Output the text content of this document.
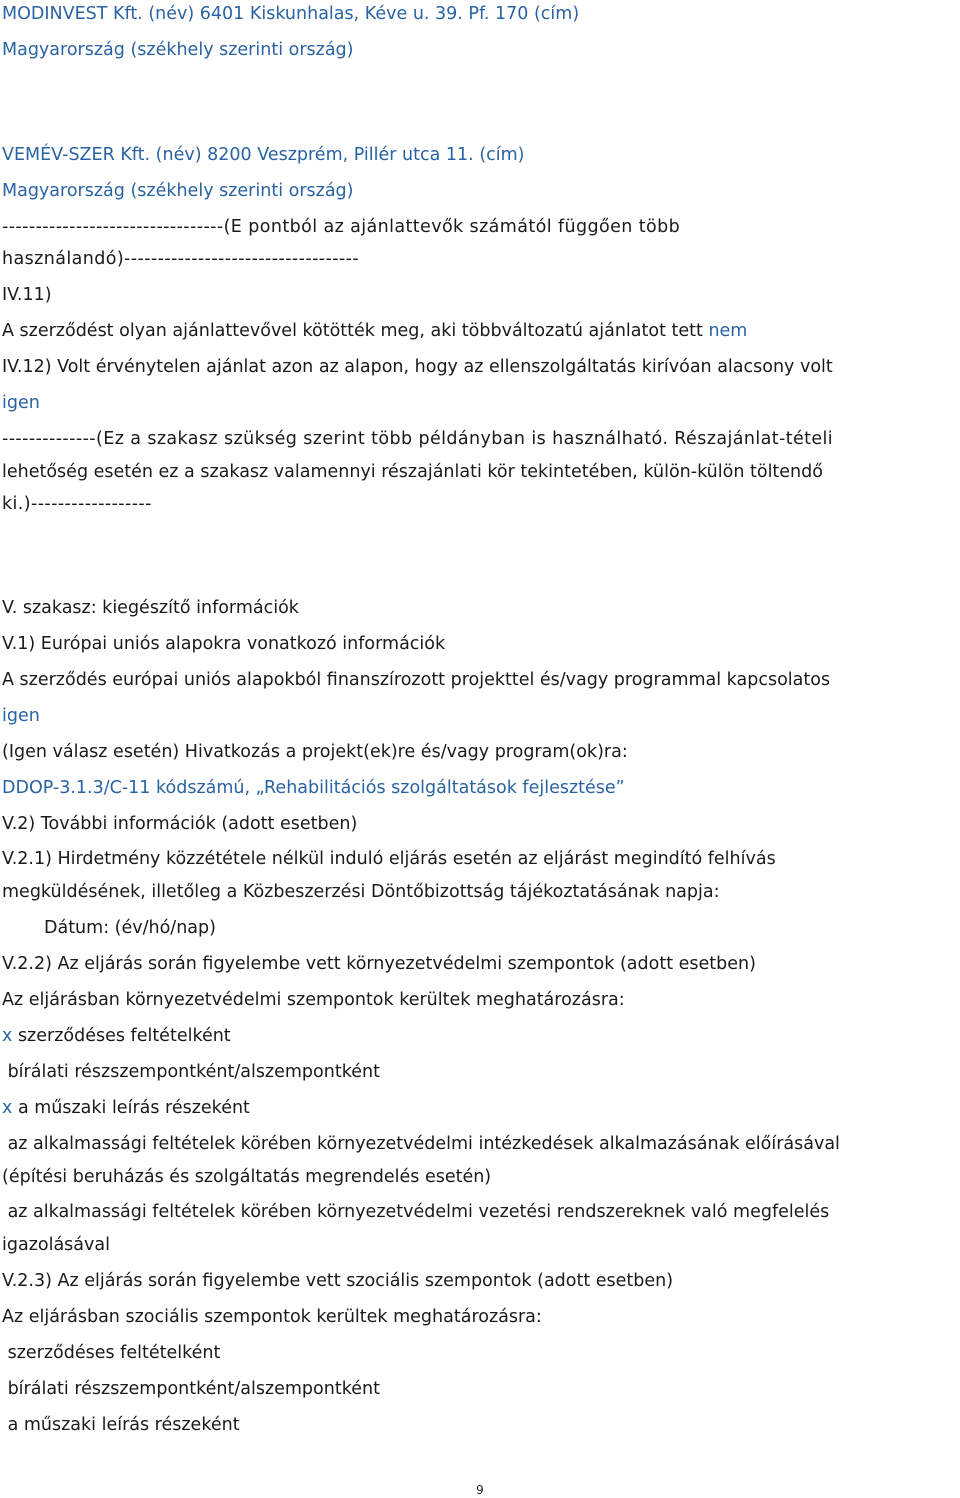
MODINVEST Kft. (név) 6401 Kiskunhalas, Kéve u. 39. Pf. 170 (cím)

Magyarország (székhely szerinti ország)

VEMÉV-SZER Kft. (név) 8200 Veszprém, Pillér utca 11. (cím)

Magyarország (székhely szerinti ország)

---------------------------------(E pontból az ajánlattevők számától függően több

használandó)-----------------------------------

IV.11)

A szerződést olyan ajánlattevővel kötötték meg, aki többváltozatú ajánlatot tett nem

IV.12) Volt érvénytelen ajánlat azon az alapon, hogy az ellenszolgáltatás kirívóan alacsony volt

igen

--------------(Ez a szakasz szükség szerint több példányban is használható. Részajánlat-tételi

lehetőség esetén ez a szakasz valamennyi részajánlati kör tekintetében, külön-külön töltendő

ki.)------------------

V. szakasz: kiegészítő információk

V.1) Európai uniós alapokra vonatkozó információk

A szerződés európai uniós alapokból finanszírozott projekttel és/vagy programmal kapcsolatos

igen

(Igen válasz esetén) Hivatkozás a projekt(ek)re és/vagy program(ok)ra:

DDOP-3.1.3/C-11 kódszámú, „Rehabilitációs szolgáltatások fejlesztése”

V.2) További információk (adott esetben)

V.2.1) Hirdetmény közzététele nélkül induló eljárás esetén az eljárást megindító felhívás

megküldésének, illetőleg a Közbeszerzési Döntőbizottság tájékoztatásának napja:

Dátum: (év/hó/nap)

V.2.2) Az eljárás során figyelembe vett környezetvédelmi szempontok (adott esetben)

Az eljárásban környezetvédelmi szempontok kerültek meghatározásra:

x szerződéses feltételként

bírálati részszempontként/alszempontként

x a műszaki leírás részeként

az alkalmassági feltételek körében környezetvédelmi intézkedések alkalmazásának előírásával

(építési beruházás és szolgáltatás megrendelés esetén)

az alkalmassági feltételek körében környezetvédelmi vezetési rendszereknek való megfelelés

igazolásával

V.2.3) Az eljárás során figyelembe vett szociális szempontok (adott esetben)

Az eljárásban szociális szempontok kerültek meghatározásra:

szerződéses feltételként

bírálati részszempontként/alszempontként

a műszaki leírás részeként

9
